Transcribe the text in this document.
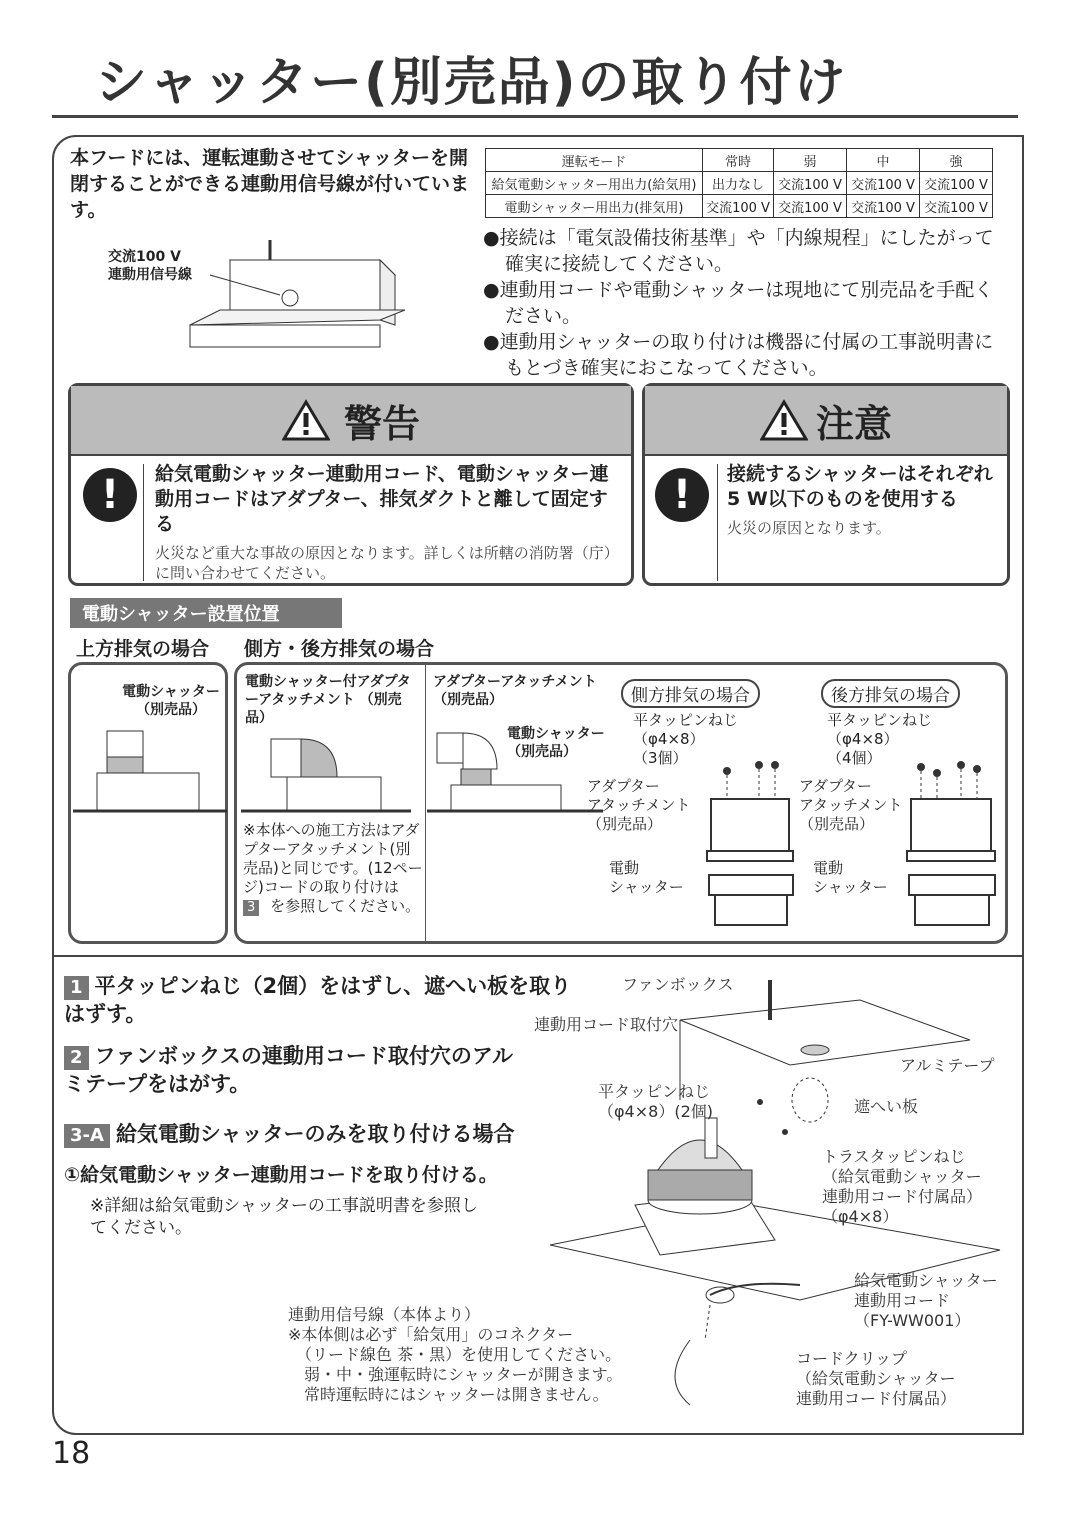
シャッター(別売品)の取り付け
本フードには、運転連動させてシャッターを開閉することができる連動用信号線が付いています。
交流100 V
連動用信号線
運転モード	常時	弱	中	強
給気電動シャッター用出力(給気用)	出力なし	交流100 V	交流100 V	交流100 V
電動シャッター用出力(排気用)	交流100 V	交流100 V	交流100 V	交流100 V
●接続は「電気設備技術基準」や「内線規程」にしたがって確実に接続してください。
●連動用コードや電動シャッターは現地にて別売品を手配ください。
●連動用シャッターの取り付けは機器に付属の工事説明書にもとづき確実におこなってください。
警告
!	給気電動シャッター連動用コード、電動シャッター連動用コードはアダプター、排気ダクトと離して固定する
火災など重大な事故の原因となります。詳しくは所轄の消防署（庁）に問い合わせてください。
注意
!	接続するシャッターはそれぞれ5 W以下のものを使用する
火災の原因となります。
電動シャッター設置位置
上方排気の場合 側方・後方排気の場合
電動シャッター
（別売品）
電動シャッター付アダプターアタッチメント （別売品）
※本体への施工方法はアダプターアタッチメント(別売品)と同じです。(12ページ)コードの取り付けは 3 を参照してください。
アダプターアタッチメント （別売品）
電動シャッター （別売品）
側方排気の場合	後方排気の場合
平タッピンねじ
（φ4×8）
（3個）
平タッピンねじ
（φ4×8）
（4個）
アダプター
アタッチメント
（別売品）
アダプター
アタッチメント
（別売品）
電動
シャッター
電動
シャッター
1 平タッピンねじ（2個）をはずし、遮へい板を取りはずす。
2 ファンボックスの連動用コード取付穴のアルミテープをはがす。
3-A 給気電動シャッターのみを取り付ける場合
①給気電動シャッター連動用コードを取り付ける。
※詳細は給気電動シャッターの工事説明書を参照してください。
ファンボックス
連動用コード取付穴
アルミテープ
平タッピンねじ
（φ4×8）(2個)	遮へい板
トラスタッピンねじ
（給気電動シャッター
連動用コード付属品）
（φ4×8）
給気電動シャッター
連動用コード
（FY-WW001）
コードクリップ
（給気電動シャッター
連動用コード付属品）
連動用信号線（本体より）
※本体側は必ず「給気用」のコネクター
　（リード線色 茶・黒）を使用してください。
　弱・中・強運転時にシャッターが開きます。
　常時運転時にはシャッターは開きません。
18
